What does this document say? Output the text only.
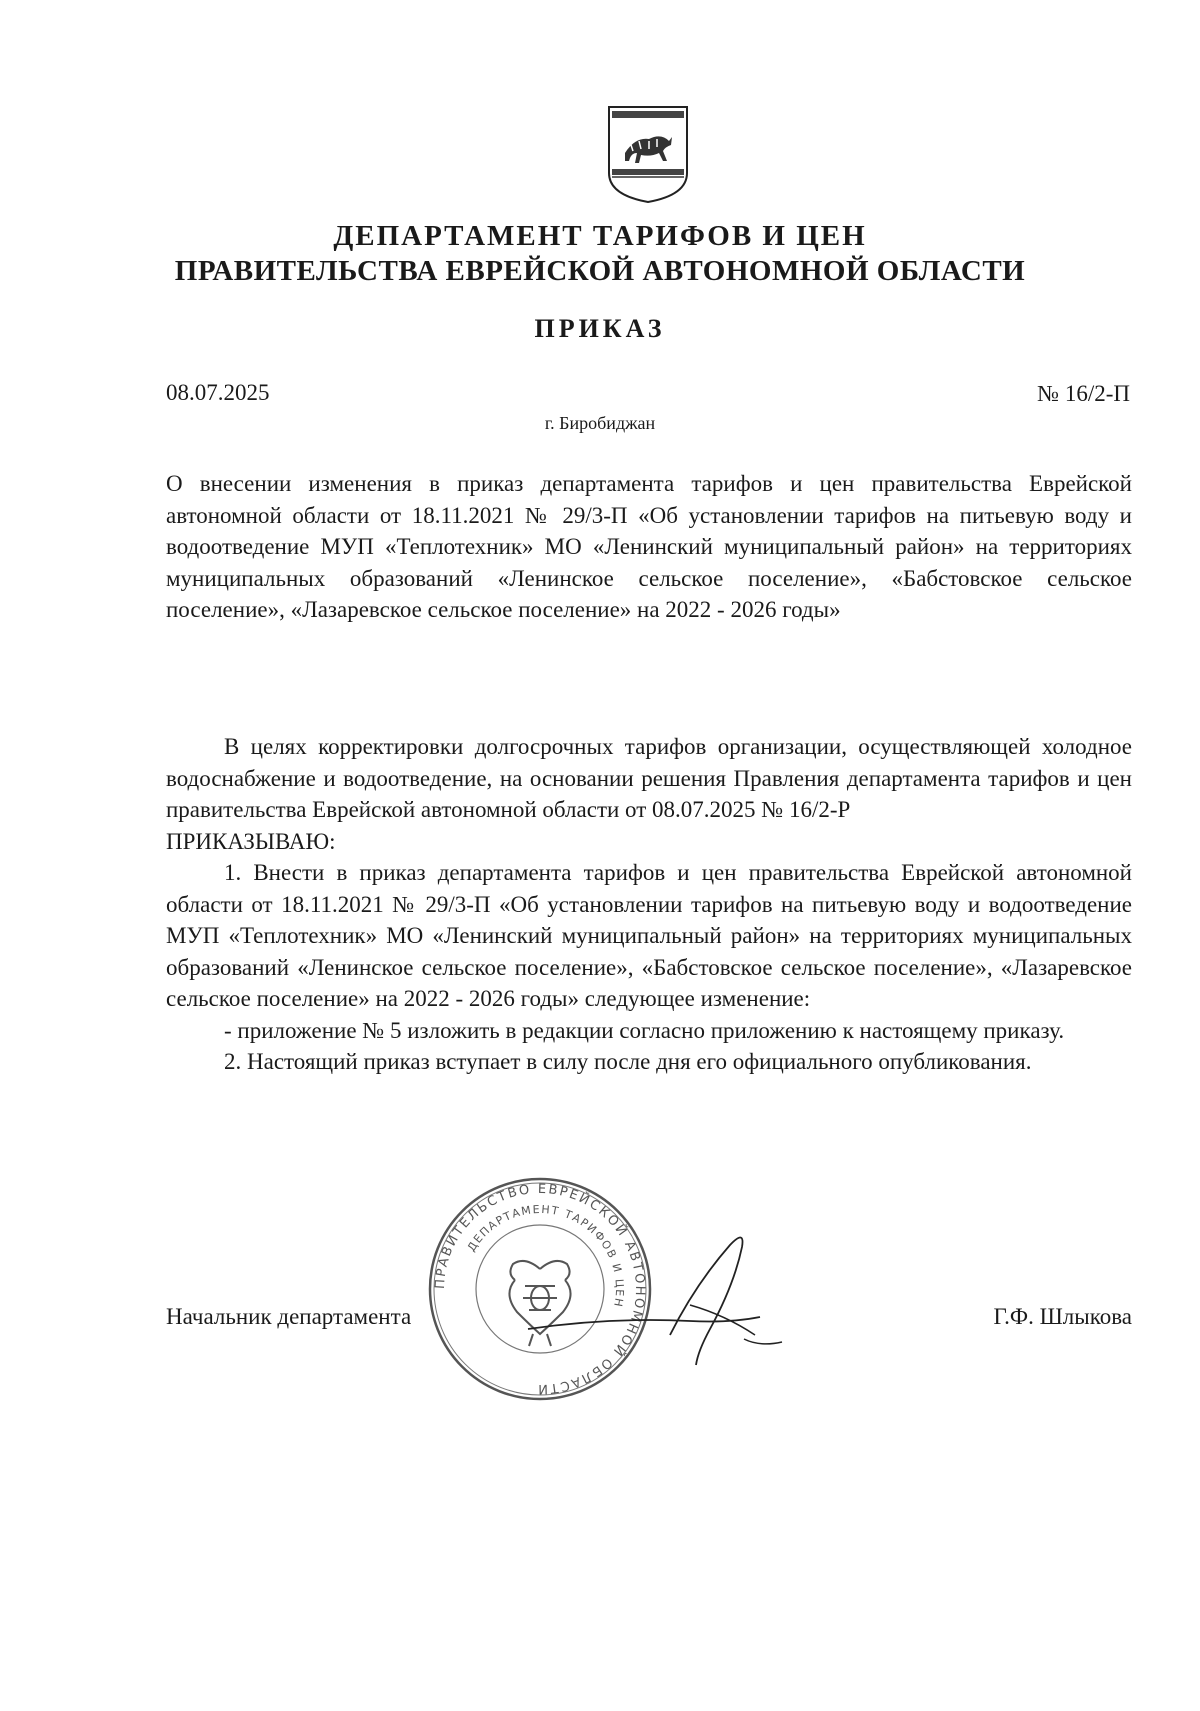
ДЕПАРТАМЕНТ ТАРИФОВ И ЦЕН
ПРАВИТЕЛЬСТВА ЕВРЕЙСКОЙ АВТОНОМНОЙ ОБЛАСТИ
ПРИКАЗ
08.07.2025	№ 16/2-П
г. Биробиджан

О внесении изменения в приказ департамента тарифов и цен правительства Еврейской автономной области от 18.11.2021 № 29/3-П «Об установлении тарифов на питьевую воду и водоотведение МУП «Теплотехник» МО «Ленинский муниципальный район» на территориях муниципальных образований «Ленинское сельское поселение», «Бабстовское сельское поселение», «Лазаревское сельское поселение» на 2022 - 2026 годы»

В целях корректировки долгосрочных тарифов организации, осуществляющей холодное водоснабжение и водоотведение, на основании решения Правления департамента тарифов и цен правительства Еврейской автономной области от 08.07.2025 № 16/2-Р

ПРИКАЗЫВАЮ:

1. Внести в приказ департамента тарифов и цен правительства Еврейской автономной области от 18.11.2021 № 29/3-П «Об установлении тарифов на питьевую воду и водоотведение МУП «Теплотехник» МО «Ленинский муниципальный район» на территориях муниципальных образований «Ленинское сельское поселение», «Бабстовское сельское поселение», «Лазаревское сельское поселение» на 2022 - 2026 годы» следующее изменение:

- приложение № 5 изложить в редакции согласно приложению к настоящему приказу.

2. Настоящий приказ вступает в силу после дня его официального опубликования.

Начальник департамента	Г.Ф. Шлыкова
ПРАВИТЕЛЬСТВО ЕВРЕЙСКОЙ АВТОНОМНОЙ ОБЛАСТИ
ДЕПАРТАМЕНТ ТАРИФОВ И ЦЕН
